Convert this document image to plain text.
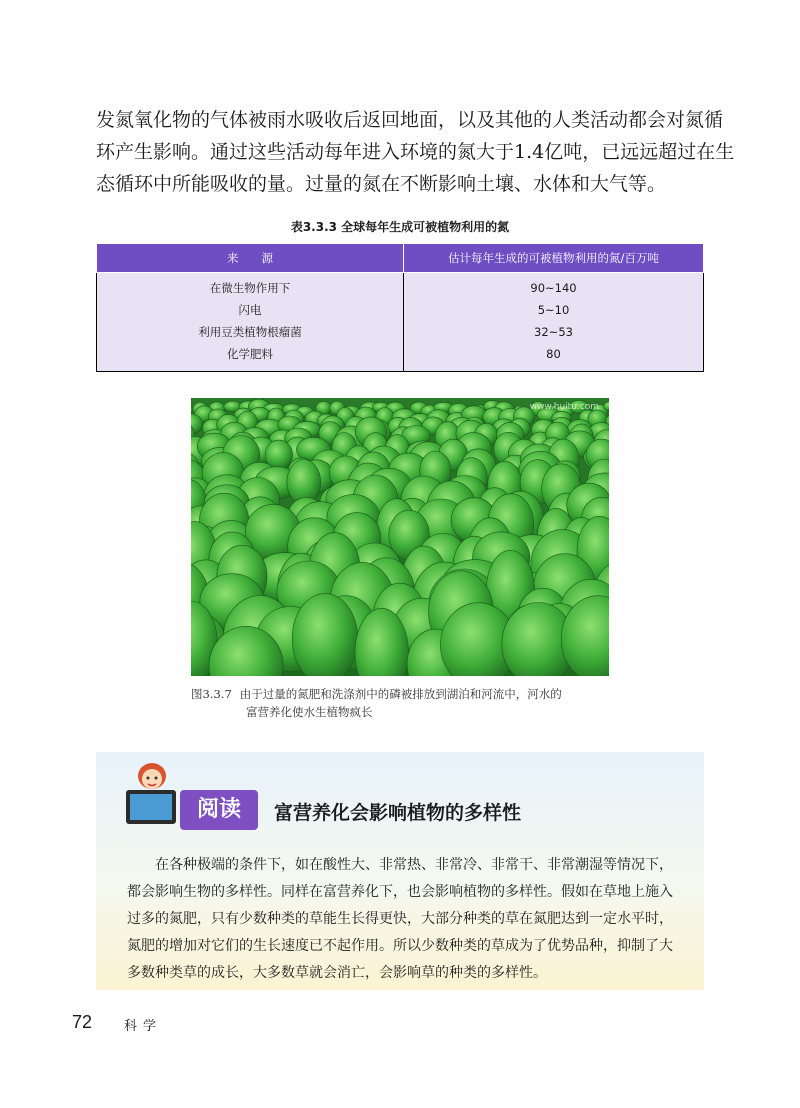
发氮氧化物的气体被雨水吸收后返回地面，以及其他的人类活动都会对氮循环产生影响。通过这些活动每年进入环境的氮大于1.4亿吨，已远远超过在生态循环中所能吸收的量。过量的氮在不断影响土壤、水体和大气等。

表3.3.3 全球每年生成可被植物利用的氮
来　　源	估计每年生成的可被植物利用的氮/百万吨
在微生物作用下	90~140
闪电	5~10
利用豆类植物根瘤菌	32~53
化学肥料	80
www.huitu.com
图3.3.7 由于过量的氮肥和洗涤剂中的磷被排放到湖泊和河流中，河水的
富营养化使水生植物疯长
阅读	富营养化会影响植物的多样性

在各种极端的条件下，如在酸性大、非常热、非常冷、非常干、非常潮湿等情况下，都会影响生物的多样性。同样在富营养化下，也会影响植物的多样性。假如在草地上施入过多的氮肥，只有少数种类的草能生长得更快，大部分种类的草在氮肥达到一定水平时，氮肥的增加对它们的生长速度已不起作用。所以少数种类的草成为了优势品种，抑制了大多数种类草的成长，大多数草就会消亡，会影响草的种类的多样性。

72 科学
